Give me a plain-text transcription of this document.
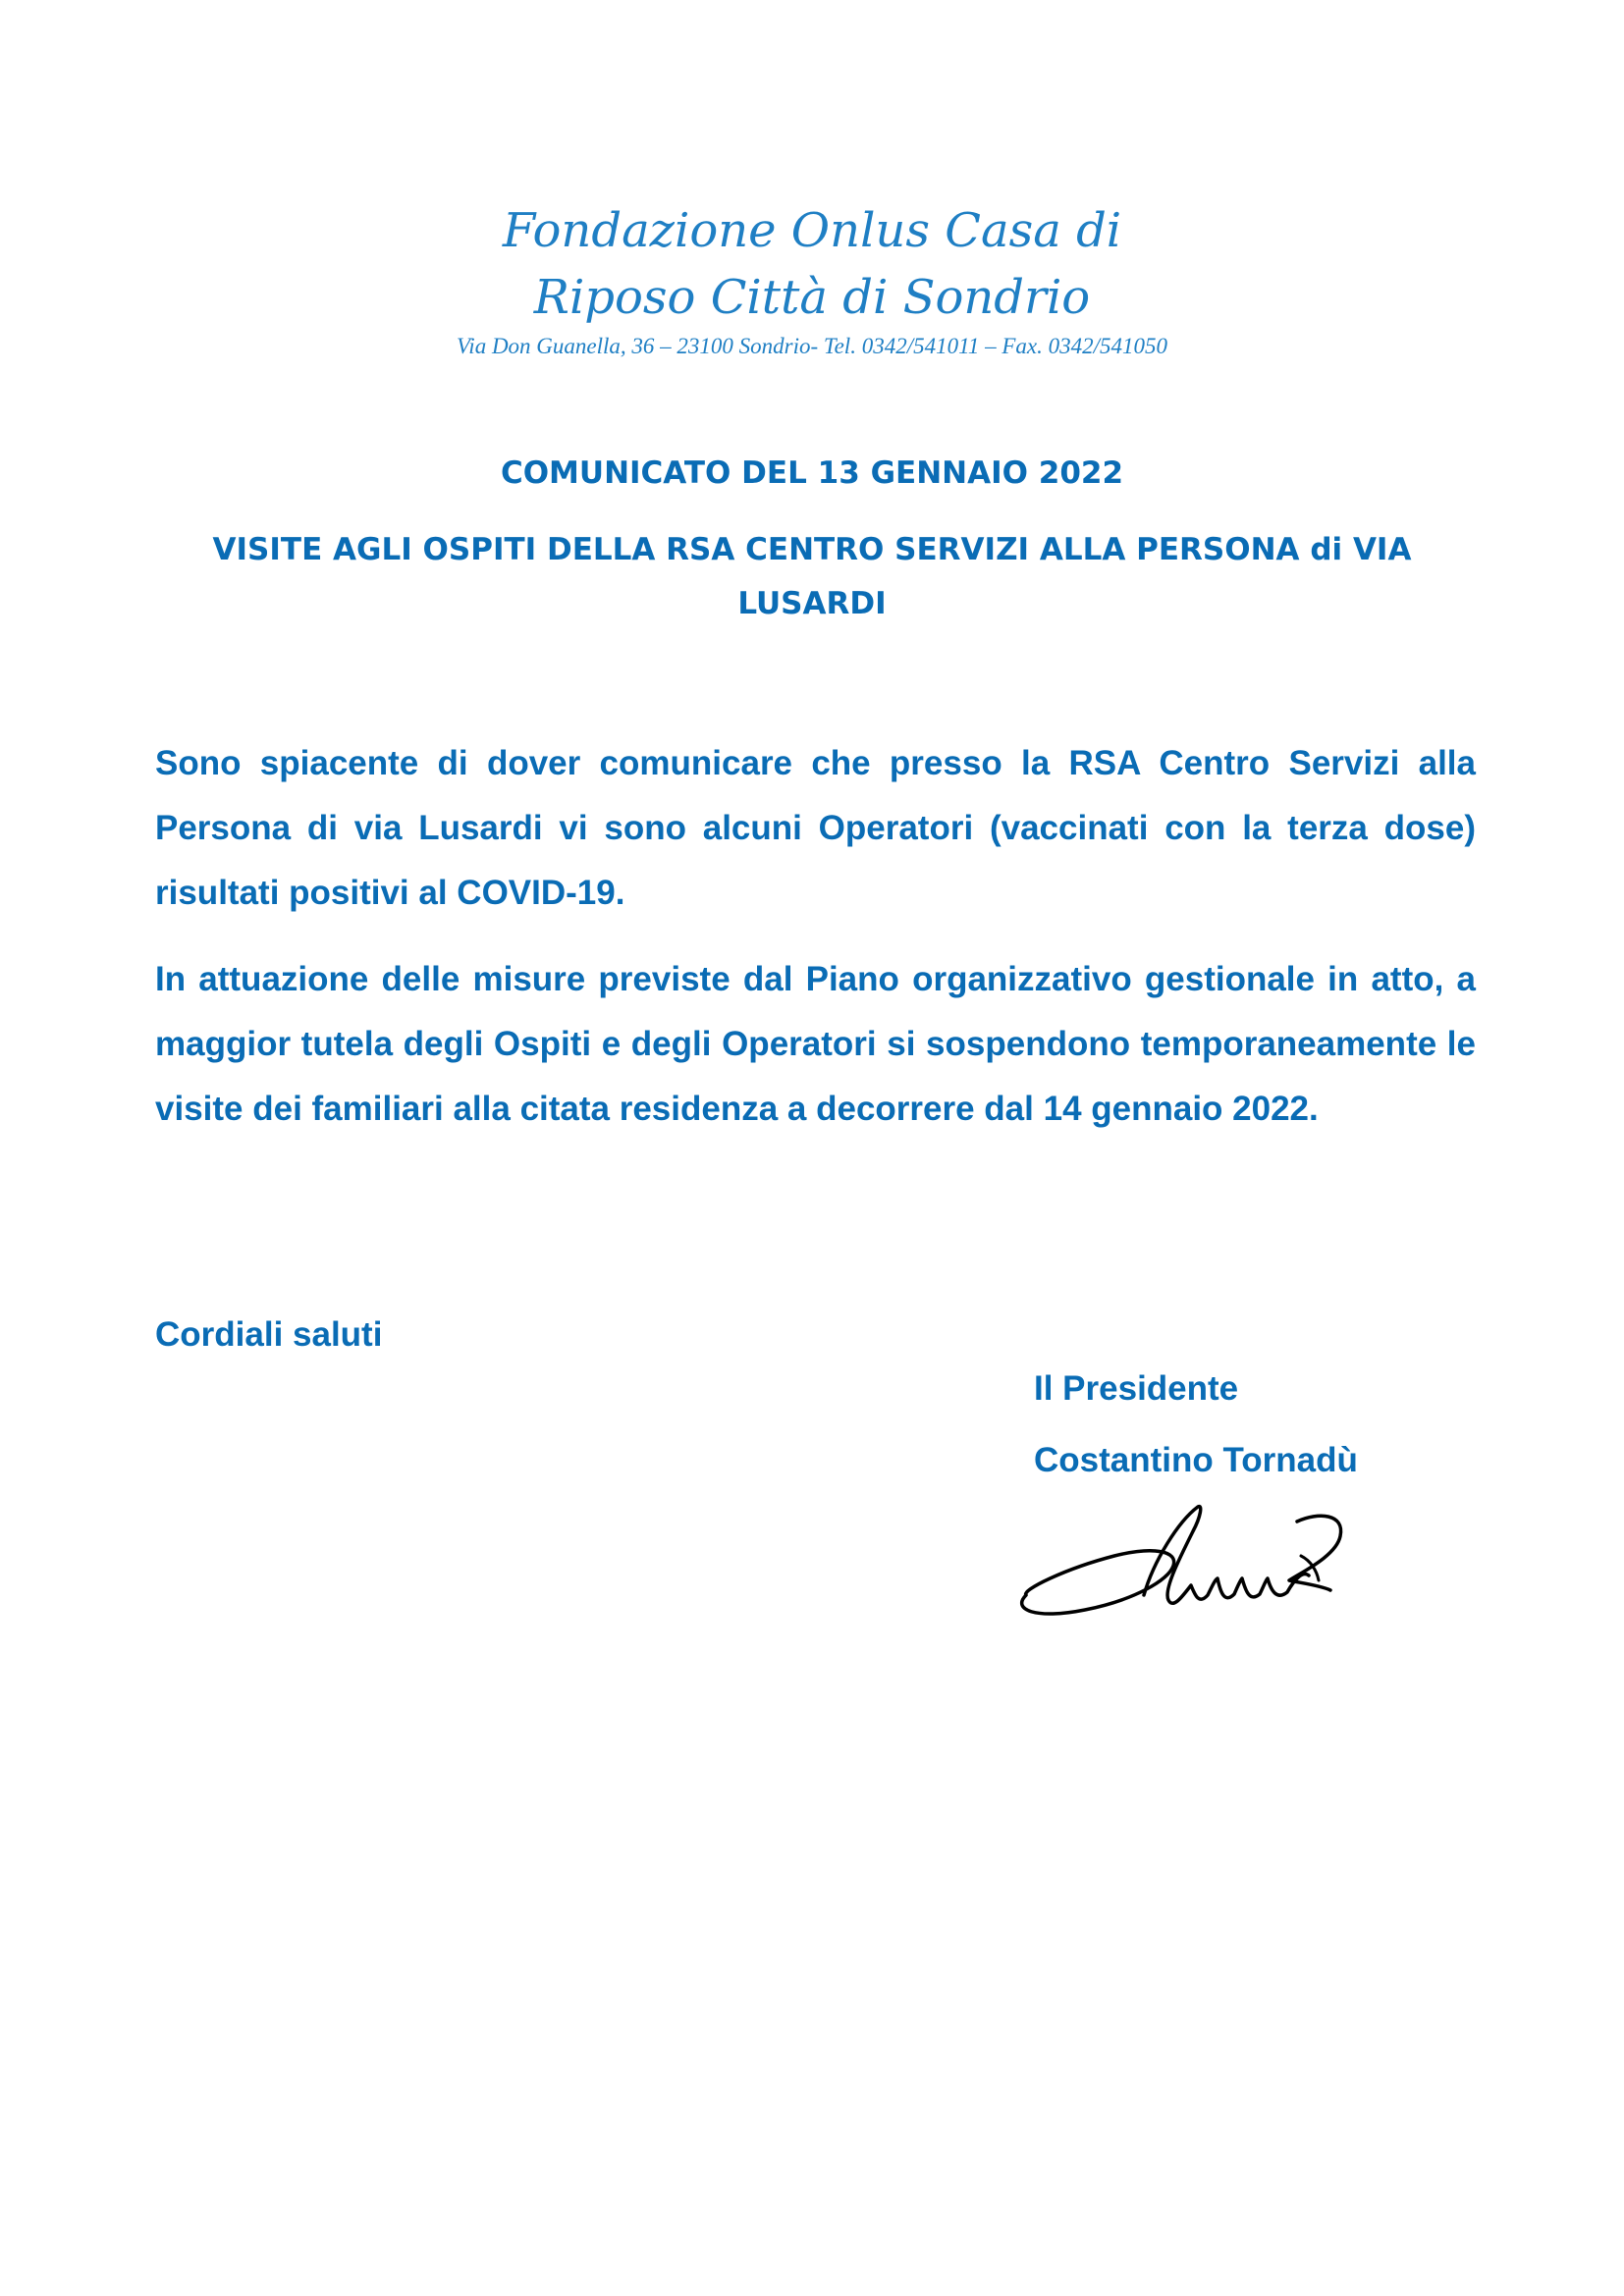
Fondazione Onlus Casa di
Riposo Città di Sondrio
Via Don Guanella, 36 – 23100 Sondrio- Tel. 0342/541011 – Fax. 0342/541050
COMUNICATO DEL 13 GENNAIO 2022
VISITE AGLI OSPITI DELLA RSA CENTRO SERVIZI ALLA PERSONA di VIA LUSARDI
Sono spiacente di dover comunicare che presso la RSA Centro Servizi alla Persona di via Lusardi vi sono alcuni Operatori (vaccinati con la terza dose) risultati positivi al COVID-19.
In attuazione delle misure previste dal Piano organizzativo gestionale in atto, a maggior tutela degli Ospiti e degli Operatori si sospendono temporaneamente le visite dei familiari alla citata residenza a decorrere dal 14 gennaio 2022.
Cordiali saluti
Il Presidente
Costantino Tornadù
